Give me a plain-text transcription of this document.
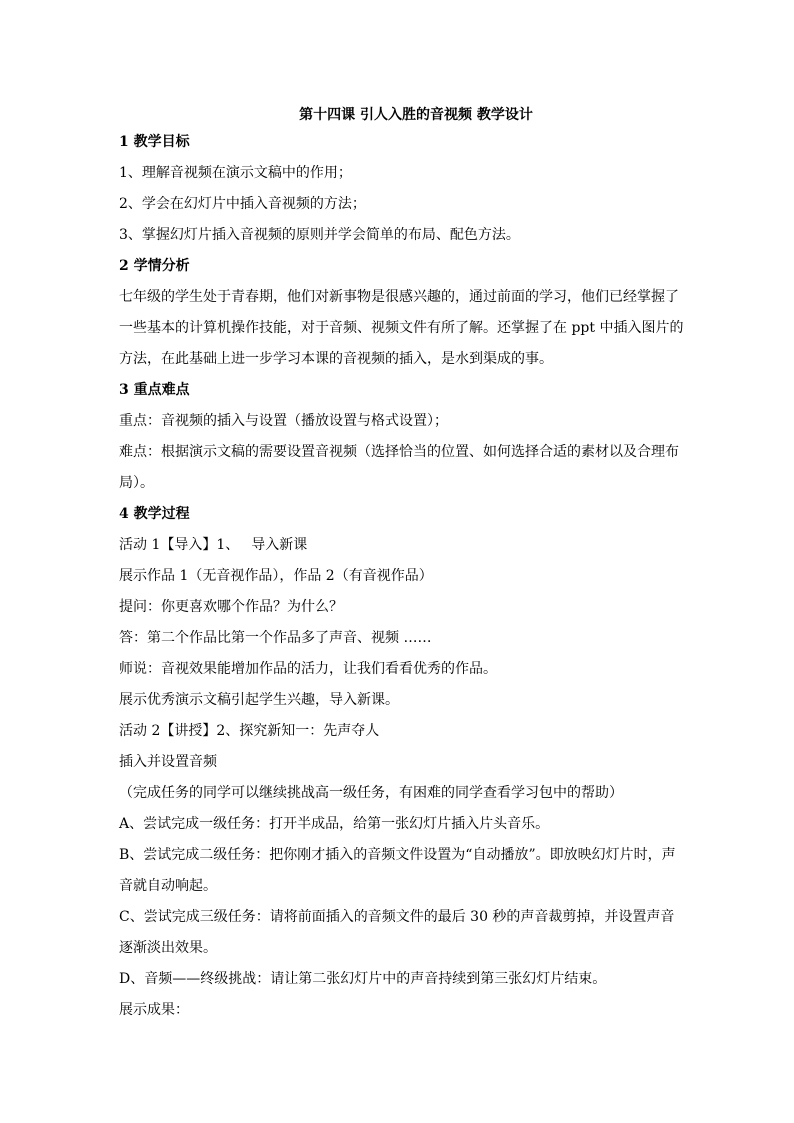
第十四课 引人入胜的音视频 教学设计

1 教学目标

1、理解音视频在演示文稿中的作用；

2、学会在幻灯片中插入音视频的方法；

3、掌握幻灯片插入音视频的原则并学会简单的布局、配色方法。

2 学情分析

七年级的学生处于青春期，他们对新事物是很感兴趣的，通过前面的学习，他们已经掌握了
一些基本的计算机操作技能，对于音频、视频文件有所了解。还掌握了在 ppt 中插入图片的
方法，在此基础上进一步学习本课的音视频的插入，是水到渠成的事。

3 重点难点

重点：音视频的插入与设置（播放设置与格式设置）；

难点：根据演示文稿的需要设置音视频（选择恰当的位置、如何选择合适的素材以及合理布
局）。

4 教学过程

活动 1【导入】1、 导入新课

展示作品 1（无音视作品），作品 2（有音视作品）

提问：你更喜欢哪个作品？为什么？

答：第二个作品比第一个作品多了声音、视频 ……

师说：音视效果能增加作品的活力，让我们看看优秀的作品。

展示优秀演示文稿引起学生兴趣，导入新课。

活动 2【讲授】2、探究新知一：先声夺人

插入并设置音频

（完成任务的同学可以继续挑战高一级任务，有困难的同学查看学习包中的帮助）

A、尝试完成一级任务：打开半成品，给第一张幻灯片插入片头音乐。

B、尝试完成二级任务：把你刚才插入的音频文件设置为“自动播放”。即放映幻灯片时，声
音就自动响起。
C、尝试完成三级任务：请将前面插入的音频文件的最后 30 秒的声音裁剪掉，并设置声音
逐渐淡出效果。

D、音频——终级挑战：请让第二张幻灯片中的声音持续到第三张幻灯片结束。

展示成果：
